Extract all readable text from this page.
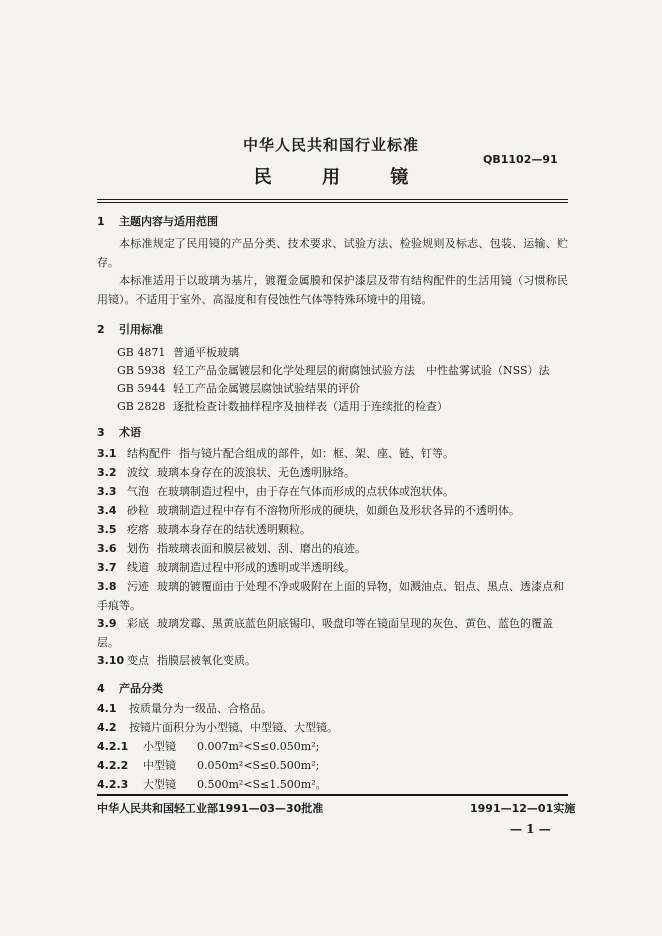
中华人民共和国行业标准
QB1102—91
民 用 镜
1 主题内容与适用范围
本标准规定了民用镜的产品分类、技术要求、试验方法、检验规则及标志、包装、运输、贮存。
本标准适用于以玻璃为基片，镀覆金属膜和保护漆层及带有结构配件的生活用镜（习惯称民用镜）。不适用于室外、高湿度和有侵蚀性气体等特殊环境中的用镜。
2 引用标准
GB 4871 普通平板玻璃
GB 5938 轻工产品金属镀层和化学处理层的耐腐蚀试验方法　中性盐雾试验（NSS）法
GB 5944 轻工产品金属镀层腐蚀试验结果的评价
GB 2828 逐批检查计数抽样程序及抽样表（适用于连续批的检查）
3 术语
3.1 结构配件 指与镜片配合组成的部件，如：框、架、座、链、钉等。
3.2 波纹 玻璃本身存在的波浪状、无色透明脉络。
3.3 气泡 在玻璃制造过程中，由于存在气体而形成的点状体或泡状体。
3.4 砂粒 玻璃制造过程中存有不溶物所形成的硬块，如颜色及形状各异的不透明体。
3.5 疙瘩 玻璃本身存在的结状透明颗粒。
3.6 划伤 指玻璃表面和膜层被划、刮、磨出的痕迹。
3.7 线道 玻璃制造过程中形成的透明或半透明线。
3.8 污迹 玻璃的镀覆面由于处理不净或吸附在上面的异物，如溅油点、铝点、黑点、透漆点和手痕等。
3.9 彩底 玻璃发霉、黑黄底蓝色阴底锡印、吸盘印等在镜面呈现的灰色、黄色、蓝色的覆盖层。
3.10 变点 指膜层被氧化变质。
4 产品分类
4.1 按质量分为一级品、合格品。
4.2 按镜片面积分为小型镜、中型镜、大型镜。
4.2.1 小型镜 0.007m²<S≤0.050m²;
4.2.2 中型镜 0.050m²<S≤0.500m²;
4.2.3 大型镜 0.500m²<S≤1.500m²。
中华人民共和国轻工业部1991—03—30批准	1991—12—01实施
— 1 —
